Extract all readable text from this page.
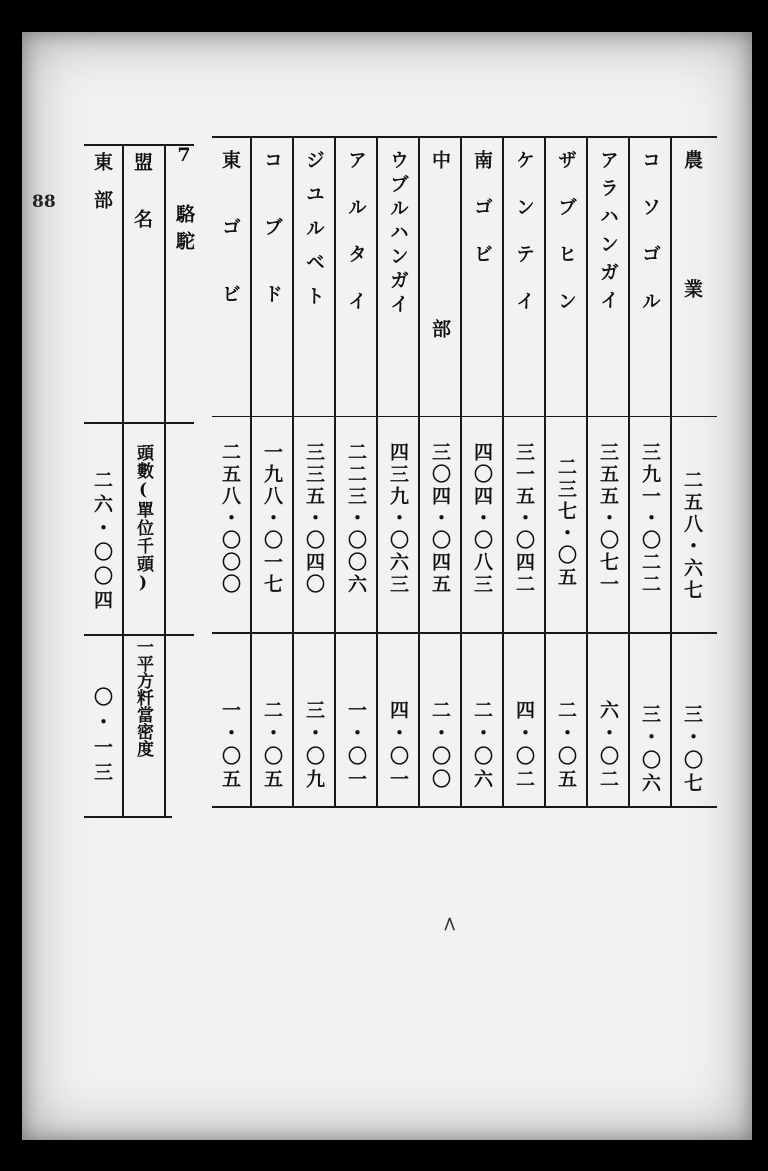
88 東　部
二六・〇〇四
〇・一三
盟　　名
頭數(單位千頭)
一平方粁當密度
7 駱駝	農業
二五八・六七
三・〇七
コソゴル
三九一・〇二二
三・〇六
アラハンガイ
三五五・〇七一
六・〇二
ザブヒン
二三七・〇五
二・〇五
ケンテイ
三一五・〇四二
四・〇二
南ゴビ
四〇四・〇八三
二・〇六
中部
三〇四・〇四五
二・〇〇
ウブルハンガイ
四三九・〇六三
四・〇一
アルタイ
二二三・〇〇六
一・〇一
ジユルベト
三三五・〇四〇
三・〇九
コブド
一九八・〇一七
二・〇五
東ゴビ
二五八・〇〇〇
一・〇五
<
